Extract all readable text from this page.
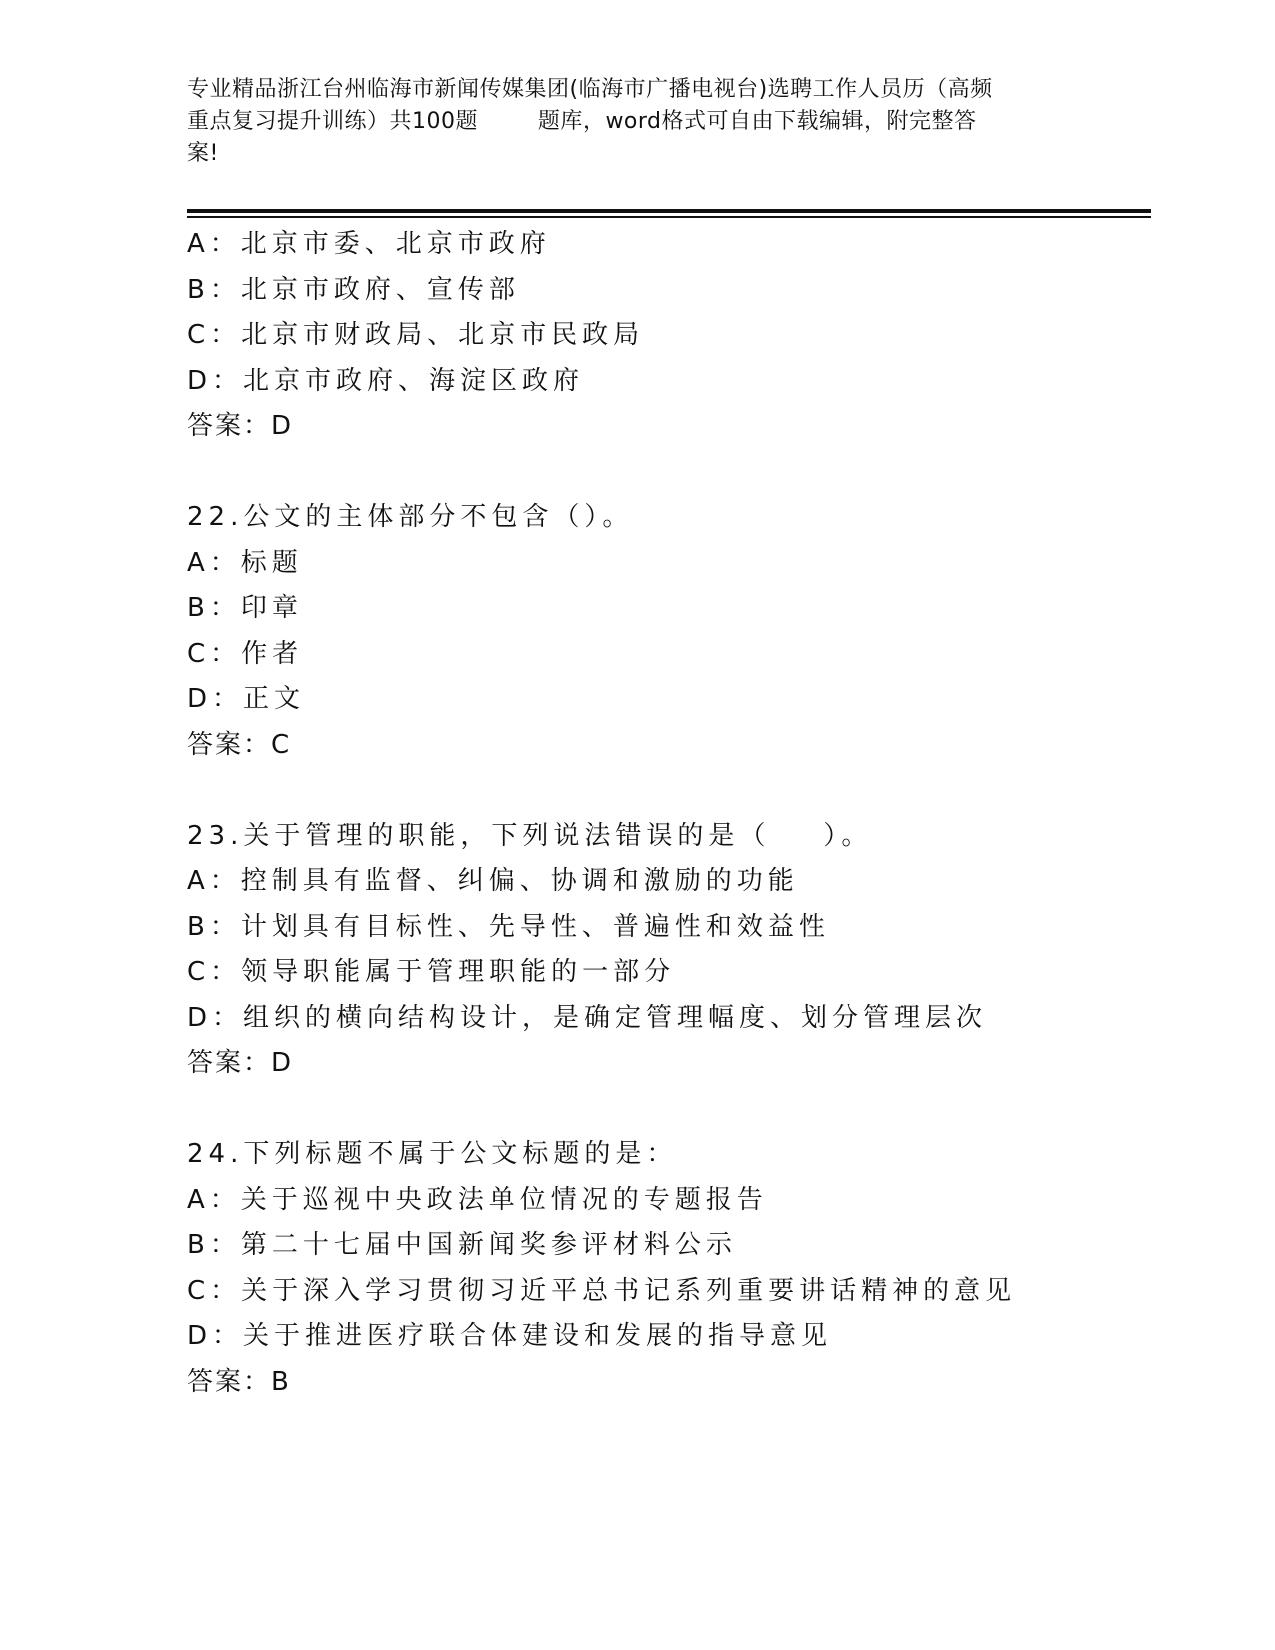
专业精品浙江台州临海市新闻传媒集团(临海市广播电视台)选聘工作人员历（高频
重点复习提升训练）共100题        题库，word格式可自由下载编辑，附完整答
案!
A：北京市委、北京市政府
B：北京市政府、宣传部
C：北京市财政局、北京市民政局
D：北京市政府、海淀区政府
答案：D
22.公文的主体部分不包含（）。
A：标题
B：印章
C：作者
D：正文
答案：C
23.关于管理的职能，下列说法错误的是（    ）。
A：控制具有监督、纠偏、协调和激励的功能
B：计划具有目标性、先导性、普遍性和效益性
C：领导职能属于管理职能的一部分
D：组织的横向结构设计，是确定管理幅度、划分管理层次
答案：D
24.下列标题不属于公文标题的是：
A：关于巡视中央政法单位情况的专题报告
B：第二十七届中国新闻奖参评材料公示
C：关于深入学习贯彻习近平总书记系列重要讲话精神的意见
D：关于推进医疗联合体建设和发展的指导意见
答案：B
